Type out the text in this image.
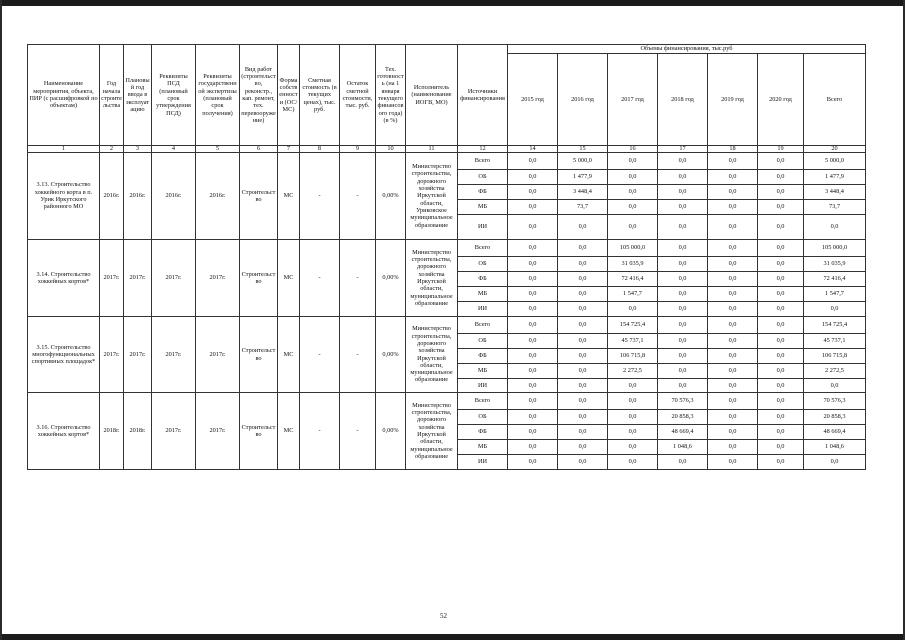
Наименование мероприятия, объекта, ПИР (с расшифровкой по объектам)	Год начала строительства	Плановый год ввода в эксплуатацию	Реквизиты ПСД (плановый срок утверждения ПСД)	Реквизиты государственной экспертизы (плановый срок получения)	Вид работ (строительство, реконстр., кап. ремонт, тех. перевооружение)	Форма собственности (ОС/МС)	Сметная стоимость (в текущих ценах), тыс. руб.	Остаток сметной стоимости, тыс. руб.	Тех. готовность (на 1 января текущего финансового года) (в %)	Исполнитель (наименование ИОГВ, МО)	Источники финансирования	Объемы финансирования, тыс.руб						
												2015 год	2016 год	2017 год	2018 год	2019 год	2020 год	Всего
1	2	3	4	5	6	7	8	9	10	11	12	14	15	16	17	18	19	20
3.13. Строительство хоккейного корта в п. Урик Иркутского районного МО	2016г.	2016г.	2016г.	2016г.	Строительство	МС	-	-	0,00%	Министерство строительства, дорожного хозяйства Иркутской области, Уриковское муниципальное образование	Всего	0,0	5 000,0	0,0	0,0	0,0	0,0	5 000,0
											ОБ	0,0	1 477,9	0,0	0,0	0,0	0,0	1 477,9
											ФБ	0,0	3 448,4	0,0	0,0	0,0	0,0	3 448,4
											МБ	0,0	73,7	0,0	0,0	0,0	0,0	73,7
											ИИ	0,0	0,0	0,0	0,0	0,0	0,0	0,0
3.14. Строительство хоккейных кортов*	2017г.	2017г.	2017г.	2017г.	Строительство	МС	-	-	0,00%	Министерство строительства, дорожного хозяйства Иркутской области, муниципальное образование	Всего	0,0	0,0	105 000,0	0,0	0,0	0,0	105 000,0
											ОБ	0,0	0,0	31 035,9	0,0	0,0	0,0	31 035,9
											ФБ	0,0	0,0	72 416,4	0,0	0,0	0,0	72 416,4
											МБ	0,0	0,0	1 547,7	0,0	0,0	0,0	1 547,7
											ИИ	0,0	0,0	0,0	0,0	0,0	0,0	0,0
3.15. Строительство многофункциональных спортивных площадок*	2017г.	2017г.	2017г.	2017г.	Строительство	МС	-	-	0,00%	Министерство строительства, дорожного хозяйства Иркутской области, муниципальное образование	Всего	0,0	0,0	154 725,4	0,0	0,0	0,0	154 725,4
											ОБ	0,0	0,0	45 737,1	0,0	0,0	0,0	45 737,1
											ФБ	0,0	0,0	106 715,8	0,0	0,0	0,0	106 715,8
											МБ	0,0	0,0	2 272,5	0,0	0,0	0,0	2 272,5
											ИИ	0,0	0,0	0,0	0,0	0,0	0,0	0,0
3.16. Строительство хоккейных кортов*	2018г.	2018г.	2017г.	2017г.	Строительство	МС	-	-	0,00%	Министерство строительства, дорожного хозяйства Иркутской области, муниципальное образование	Всего	0,0	0,0	0,0	70 576,3	0,0	0,0	70 576,3
											ОБ	0,0	0,0	0,0	20 858,3	0,0	0,0	20 858,3
											ФБ	0,0	0,0	0,0	48 669,4	0,0	0,0	48 669,4
											МБ	0,0	0,0	0,0	1 048,6	0,0	0,0	1 048,6
											ИИ	0,0	0,0	0,0	0,0	0,0	0,0	0,0
52
